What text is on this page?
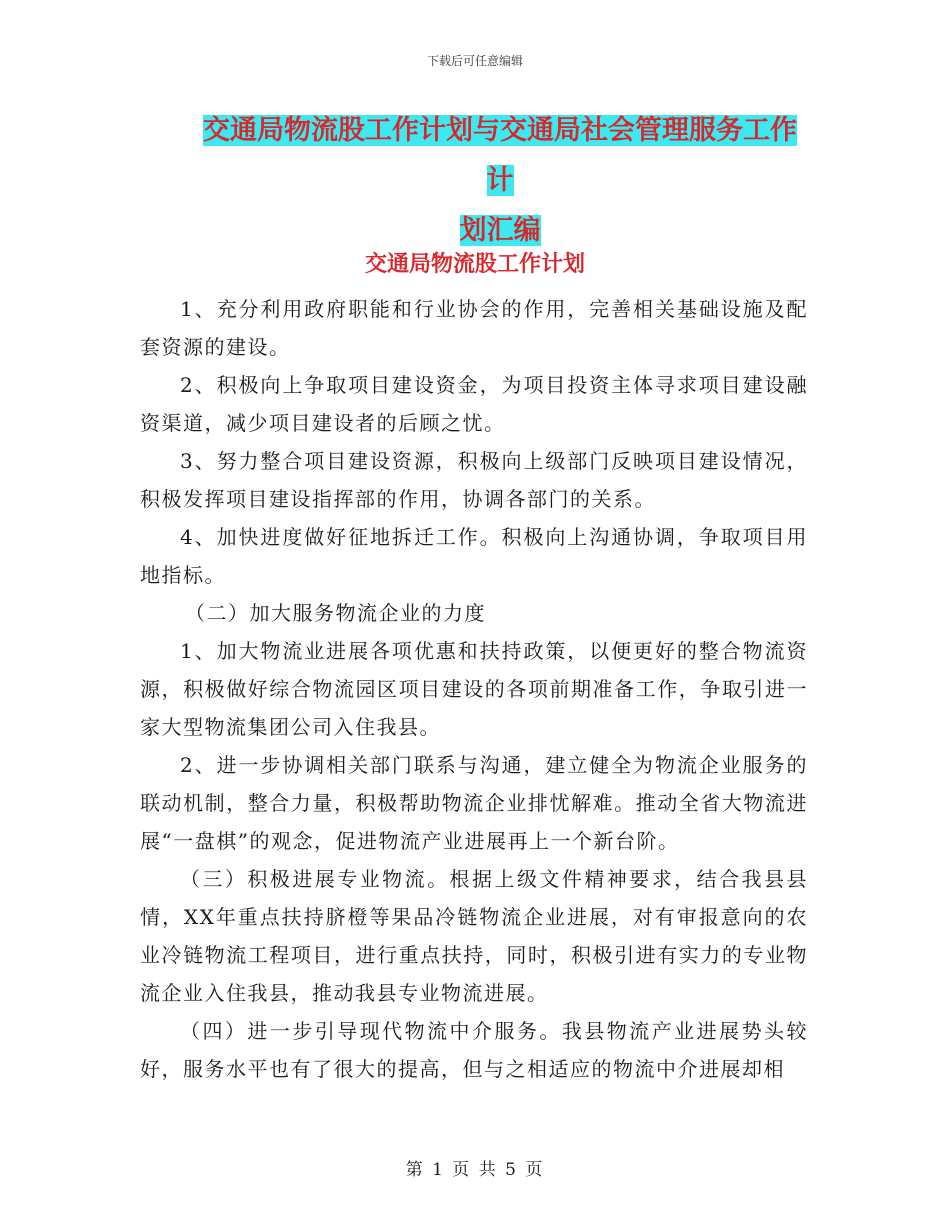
下载后可任意编辑
交通局物流股工作计划与交通局社会管理服务工作计
划汇编
交通局物流股工作计划

1、充分利用政府职能和行业协会的作用，完善相关基础设施及配套资源的建设。

2、积极向上争取项目建设资金，为项目投资主体寻求项目建设融资渠道，减少项目建设者的后顾之忧。

3、努力整合项目建设资源，积极向上级部门反映项目建设情况，积极发挥项目建设指挥部的作用，协调各部门的关系。

4、加快进度做好征地拆迁工作。积极向上沟通协调，争取项目用地指标。

（二）加大服务物流企业的力度

1、加大物流业进展各项优惠和扶持政策，以便更好的整合物流资源，积极做好综合物流园区项目建设的各项前期准备工作，争取引进一家大型物流集团公司入住我县。

2、进一步协调相关部门联系与沟通，建立健全为物流企业服务的联动机制，整合力量，积极帮助物流企业排忧解难。推动全省大物流进展“一盘棋”的观念，促进物流产业进展再上一个新台阶。

（三）积极进展专业物流。根据上级文件精神要求，结合我县县情，XX年重点扶持脐橙等果品冷链物流企业进展，对有审报意向的农业冷链物流工程项目，进行重点扶持，同时，积极引进有实力的专业物流企业入住我县，推动我县专业物流进展。

（四）进一步引导现代物流中介服务。我县物流产业进展势头较好，服务水平也有了很大的提高，但与之相适应的物流中介进展却相

第 1 页 共 5 页
